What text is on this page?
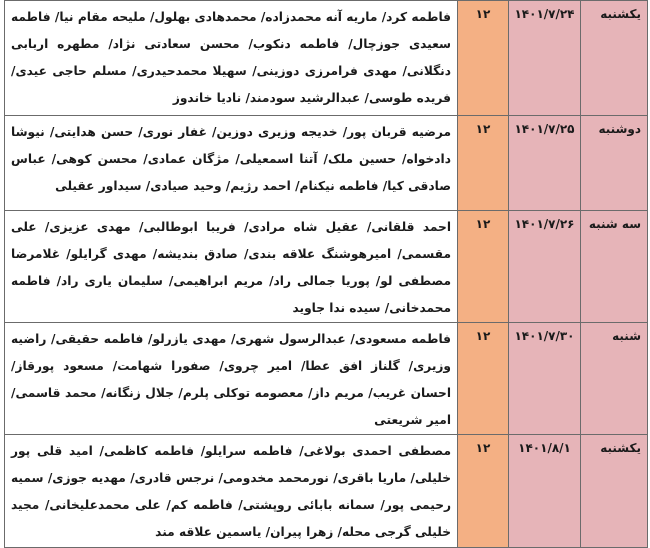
یکشنبه	۱۴۰۱/۷/۲۴	۱۲	فاطمه کرد/ ماریه آنه محمدزاده/ محمدهادی بهلول/ ملیحه مقام نیا/ فاطمه سعیدی جوزچال/ فاطمه دنکوب/ محسن سعادتی نژاد/ مطهره اربابی دنگلانی/ مهدی فرامرزی دوزینی/ سهیلا محمدحیدری/ مسلم حاجی عیدی/ فریده طوسی/ عبدالرشید سودمند/ نادیا خاندوز

دوشنبه	۱۴۰۱/۷/۲۵	۱۲	مرضیه قربان پور/ خدیجه وزیری دوزین/ غفار نوری/ حسن هدایتی/ نیوشا دادخواه/ حسین ملک/ آتنا اسمعیلی/ مژگان عمادی/ محسن کوهی/ عباس صادقی کیا/ فاطمه نیکنام/ احمد رژیم/ وحید صیادی/ سیداور عقیلی

سه شنبه	۱۴۰۱/۷/۲۶	۱۲	احمد قلقانی/ عقیل شاه مرادی/ فریبا ابوطالبی/ مهدی عزیزی/ علی مقسمی/ امیرهوشنگ علاقه بندی/ صادق بندیشه/ مهدی گرایلو/ غلامرضا مصطفی لو/ پوریا جمالی راد/ مریم ابراهیمی/ سلیمان یاری راد/ فاطمه محمدخانی/ سیده ندا جاوید

شنبه	۱۴۰۱/۷/۳۰	۱۲	فاطمه مسعودی/ عبدالرسول شهری/ مهدی یازرلو/ فاطمه حقیقی/ راضیه وزیری/ گلناز افق عطا/ امیر چروی/ صفورا شهامت/ مسعود پورقاز/ احسان غریب/ مریم داز/ معصومه توکلی پلرم/ جلال زنگانه/ محمد قاسمی/ امیر شریعتی

یکشنبه	۱۴۰۱/۸/۱	۱۲	مصطفی احمدی بولاغی/ فاطمه سرایلو/ فاطمه کاظمی/ امید قلی پور خلیلی/ ماریا باقری/ نورمحمد مخدومی/ نرجس قادری/ مهدیه جوزی/ سمیه رحیمی پور/ سمانه بابائی روپشتی/ فاطمه کم/ علی محمدعلیخانی/ مجید خلیلی گرجی محله/ زهرا پیران/ یاسمین علاقه مند
